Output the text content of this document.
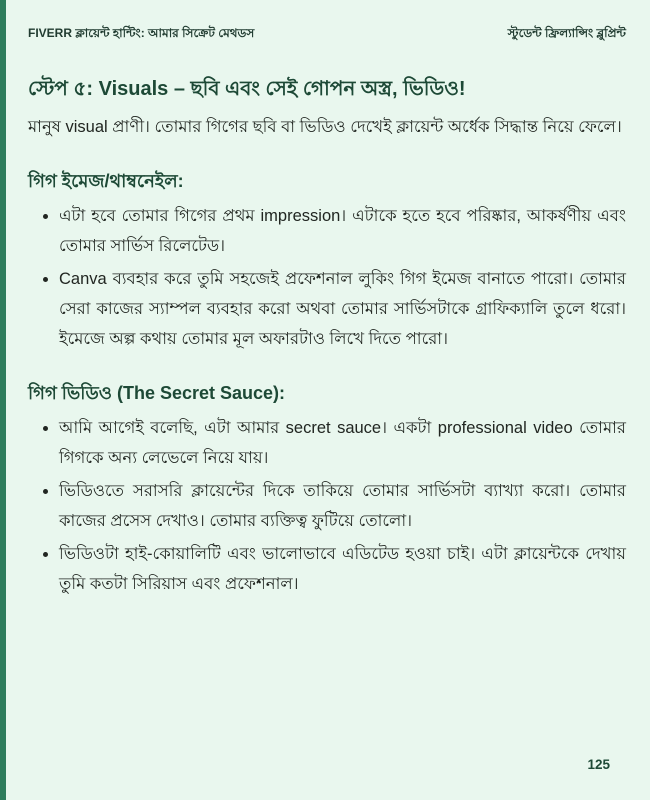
FIVERR ক্লায়েন্ট হান্টিং: আমার সিক্রেট মেথডস	স্টুডেন্ট ফ্রিল্যান্সিং ব্লুপ্রিন্ট
স্টেপ ৫: Visuals – ছবি এবং সেই গোপন অস্ত্র, ভিডিও!

মানুষ visual প্রাণী। তোমার গিগের ছবি বা ভিডিও দেখেই ক্লায়েন্ট অর্ধেক সিদ্ধান্ত নিয়ে ফেলে।

গিগ ইমেজ/থাম্বনেইল:
• এটা হবে তোমার গিগের প্রথম impression। এটাকে হতে হবে পরিষ্কার, আকর্ষণীয় এবং তোমার সার্ভিস রিলেটেড।
• Canva ব্যবহার করে তুমি সহজেই প্রফেশনাল লুকিং গিগ ইমেজ বানাতে পারো। তোমার সেরা কাজের স্যাম্পল ব্যবহার করো অথবা তোমার সার্ভিসটাকে গ্রাফিক্যালি তুলে ধরো। ইমেজে অল্প কথায় তোমার মূল অফারটাও লিখে দিতে পারো।
গিগ ভিডিও (The Secret Sauce):
• আমি আগেই বলেছি, এটা আমার secret sauce। একটা professional video তোমার গিগকে অন্য লেভেলে নিয়ে যায়।
• ভিডিওতে সরাসরি ক্লায়েন্টের দিকে তাকিয়ে তোমার সার্ভিসটা ব্যাখ্যা করো। তোমার কাজের প্রসেস দেখাও। তোমার ব্যক্তিত্ব ফুটিয়ে তোলো।
• ভিডিওটা হাই-কোয়ালিটি এবং ভালোভাবে এডিটেড হওয়া চাই। এটা ক্লায়েন্টকে দেখায় তুমি কতটা সিরিয়াস এবং প্রফেশনাল।
125
